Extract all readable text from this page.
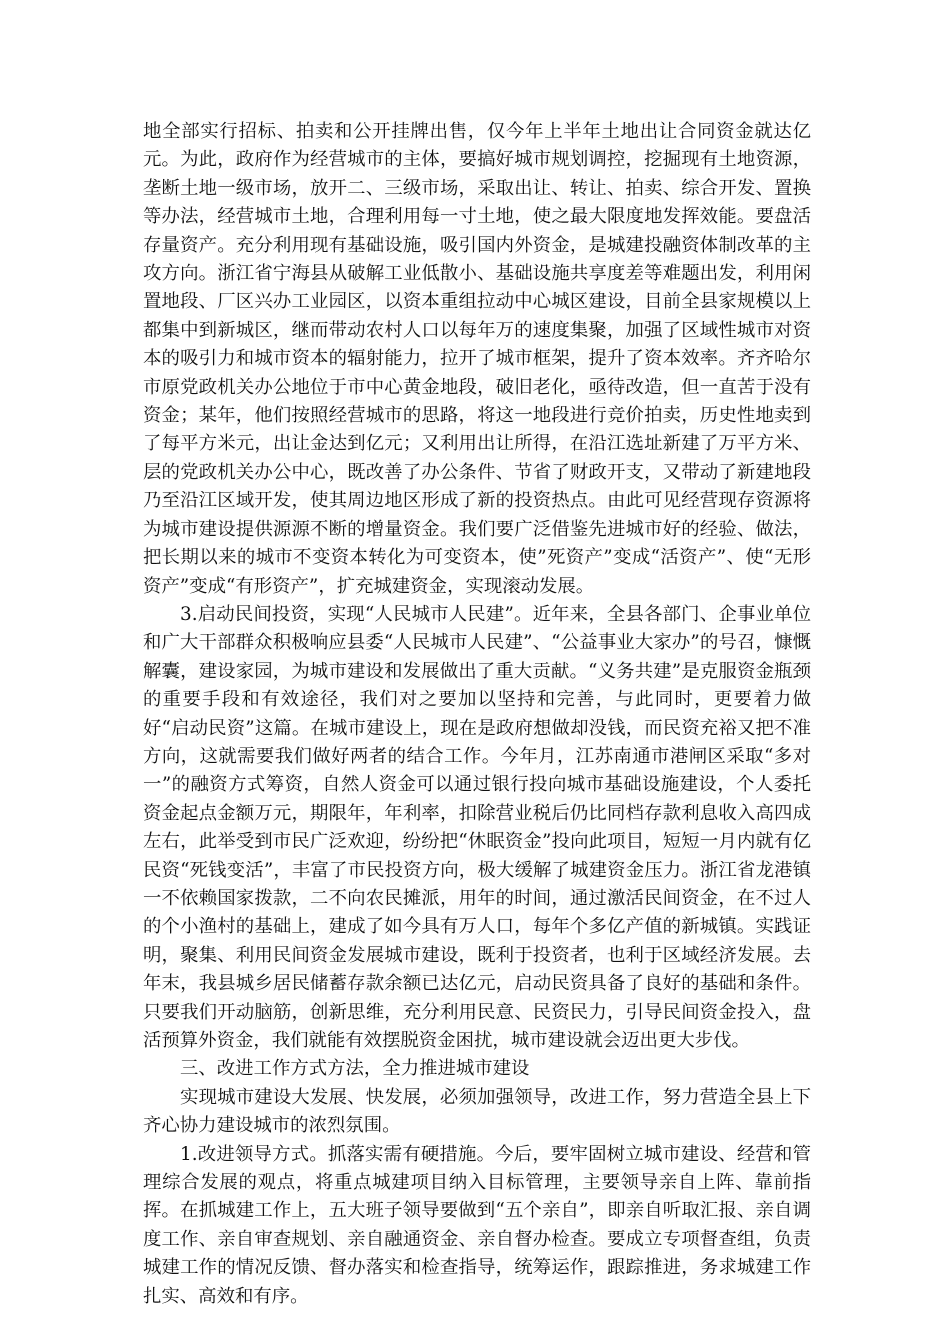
地全部实行招标、拍卖和公开挂牌出售，仅今年上半年土地出让合同资金就达亿元。为此，政府作为经营城市的主体，要搞好城市规划调控，挖掘现有土地资源，垄断土地一级市场，放开二、三级市场，采取出让、转让、拍卖、综合开发、置换等办法，经营城市土地，合理利用每一寸土地，使之最大限度地发挥效能。要盘活存量资产。充分利用现有基础设施，吸引国内外资金，是城建投融资体制改革的主攻方向。浙江省宁海县从破解工业低散小、基础设施共享度差等难题出发，利用闲置地段、厂区兴办工业园区，以资本重组拉动中心城区建设，目前全县家规模以上都集中到新城区，继而带动农村人口以每年万的速度集聚，加强了区域性城市对资本的吸引力和城市资本的辐射能力，拉开了城市框架，提升了资本效率。齐齐哈尔市原党政机关办公地位于市中心黄金地段，破旧老化，亟待改造，但一直苦于没有资金；某年，他们按照经营城市的思路，将这一地段进行竞价拍卖，历史性地卖到了每平方米元，出让金达到亿元；又利用出让所得，在沿江选址新建了万平方米、层的党政机关办公中心，既改善了办公条件、节省了财政开支，又带动了新建地段乃至沿江区域开发，使其周边地区形成了新的投资热点。由此可见经营现存资源将为城市建设提供源源不断的增量资金。我们要广泛借鉴先进城市好的经验、做法，把长期以来的城市不变资本转化为可变资本，使”死资产”变成“活资产”、使“无形资产”变成“有形资产”，扩充城建资金，实现滚动发展。

3.启动民间投资，实现“人民城市人民建”。近年来，全县各部门、企事业单位和广大干部群众积极响应县委“人民城市人民建”、“公益事业大家办”的号召，慷慨解囊，建设家园，为城市建设和发展做出了重大贡献。“义务共建”是克服资金瓶颈的重要手段和有效途径，我们对之要加以坚持和完善，与此同时，更要着力做好“启动民资”这篇。在城市建设上，现在是政府想做却没钱，而民资充裕又把不准方向，这就需要我们做好两者的结合工作。今年月，江苏南通市港闸区采取“多对一”的融资方式筹资，自然人资金可以通过银行投向城市基础设施建设，个人委托资金起点金额万元，期限年，年利率，扣除营业税后仍比同档存款利息收入高四成左右，此举受到市民广泛欢迎，纷纷把“休眠资金”投向此项目，短短一月内就有亿民资“死钱变活”，丰富了市民投资方向，极大缓解了城建资金压力。浙江省龙港镇一不依赖国家拨款，二不向农民摊派，用年的时间，通过激活民间资金，在不过人的个小渔村的基础上，建成了如今具有万人口，每年个多亿产值的新城镇。实践证明，聚集、利用民间资金发展城市建设，既利于投资者，也利于区域经济发展。去年末，我县城乡居民储蓄存款余额已达亿元，启动民资具备了良好的基础和条件。只要我们开动脑筋，创新思维，充分利用民意、民资民力，引导民间资金投入，盘活预算外资金，我们就能有效摆脱资金困扰，城市建设就会迈出更大步伐。

三、改进工作方式方法，全力推进城市建设

实现城市建设大发展、快发展，必须加强领导，改进工作，努力营造全县上下齐心协力建设城市的浓烈氛围。

1.改进领导方式。抓落实需有硬措施。今后，要牢固树立城市建设、经营和管理综合发展的观点，将重点城建项目纳入目标管理，主要领导亲自上阵、靠前指挥。在抓城建工作上，五大班子领导要做到“五个亲自”，即亲自听取汇报、亲自调度工作、亲自审查规划、亲自融通资金、亲自督办检查。要成立专项督查组，负责城建工作的情况反馈、督办落实和检查指导，统筹运作，跟踪推进，务求城建工作扎实、高效和有序。
